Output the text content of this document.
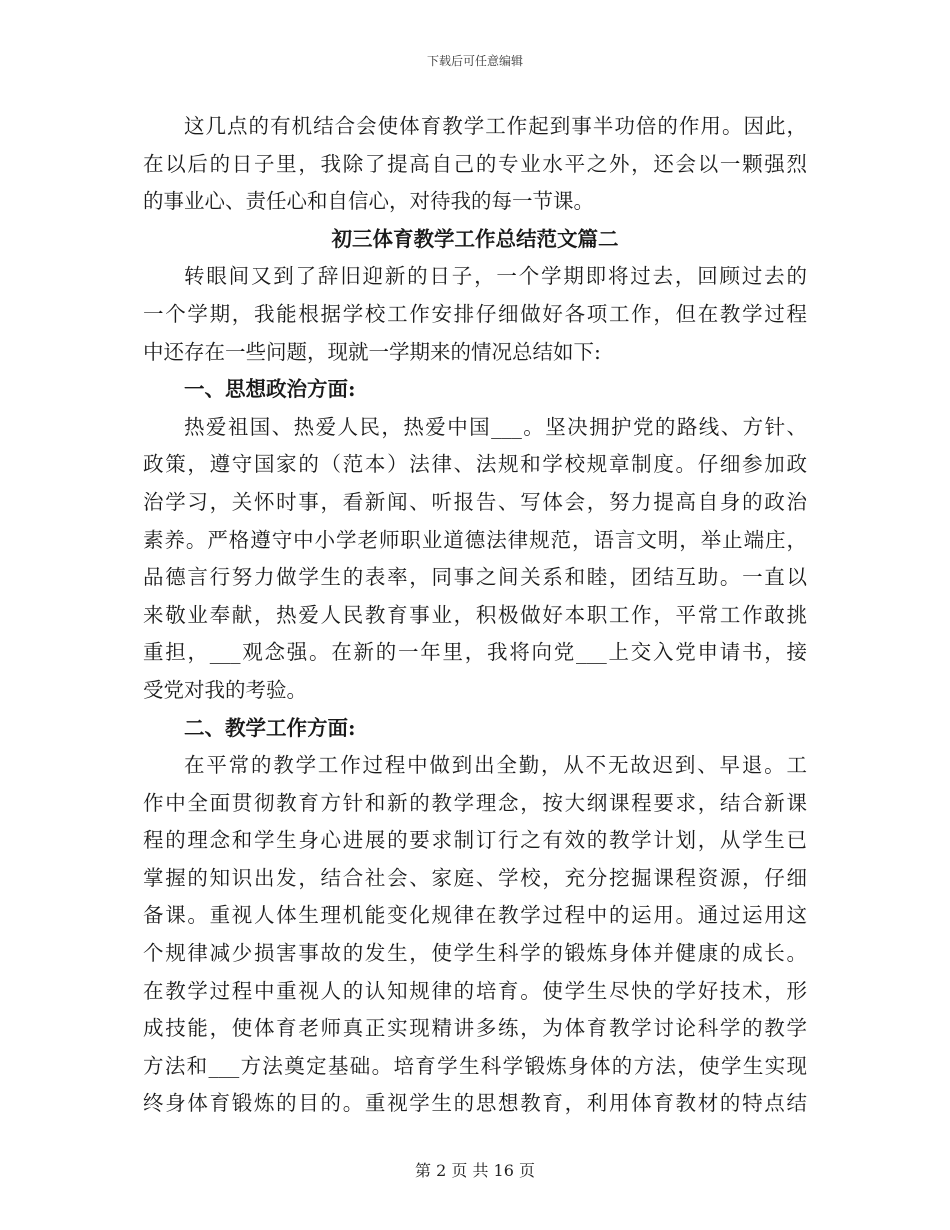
下载后可任意编辑
这几点的有机结合会使体育教学工作起到事半功倍的作用。因此，
在以后的日子里，我除了提高自己的专业水平之外，还会以一颗强烈
的事业心、责任心和自信心，对待我的每一节课。
初三体育教学工作总结范文篇二
转眼间又到了辞旧迎新的日子，一个学期即将过去，回顾过去的
一个学期，我能根据学校工作安排仔细做好各项工作，但在教学过程
中还存在一些问题，现就一学期来的情况总结如下:
一、思想政治方面:
热爱祖国、热爱人民，热爱中国___。坚决拥护党的路线、方针、
政策，遵守国家的（范本）法律、法规和学校规章制度。仔细参加政
治学习，关怀时事，看新闻、听报告、写体会，努力提高自身的政治
素养。严格遵守中小学老师职业道德法律规范，语言文明，举止端庄，
品德言行努力做学生的表率，同事之间关系和睦，团结互助。一直以
来敬业奉献，热爱人民教育事业，积极做好本职工作，平常工作敢挑
重担，___观念强。在新的一年里，我将向党___上交入党申请书，接
受党对我的考验。
二、教学工作方面:
在平常的教学工作过程中做到出全勤，从不无故迟到、早退。工
作中全面贯彻教育方针和新的教学理念，按大纲课程要求，结合新课
程的理念和学生身心进展的要求制订行之有效的教学计划，从学生已
掌握的知识出发，结合社会、家庭、学校，充分挖掘课程资源，仔细
备课。重视人体生理机能变化规律在教学过程中的运用。通过运用这
个规律减少损害事故的发生，使学生科学的锻炼身体并健康的成长。
在教学过程中重视人的认知规律的培育。使学生尽快的学好技术，形
成技能，使体育老师真正实现精讲多练，为体育教学讨论科学的教学
方法和___方法奠定基础。培育学生科学锻炼身体的方法，使学生实现
终身体育锻炼的目的。重视学生的思想教育，利用体育教材的特点结
第 2 页 共 16 页
